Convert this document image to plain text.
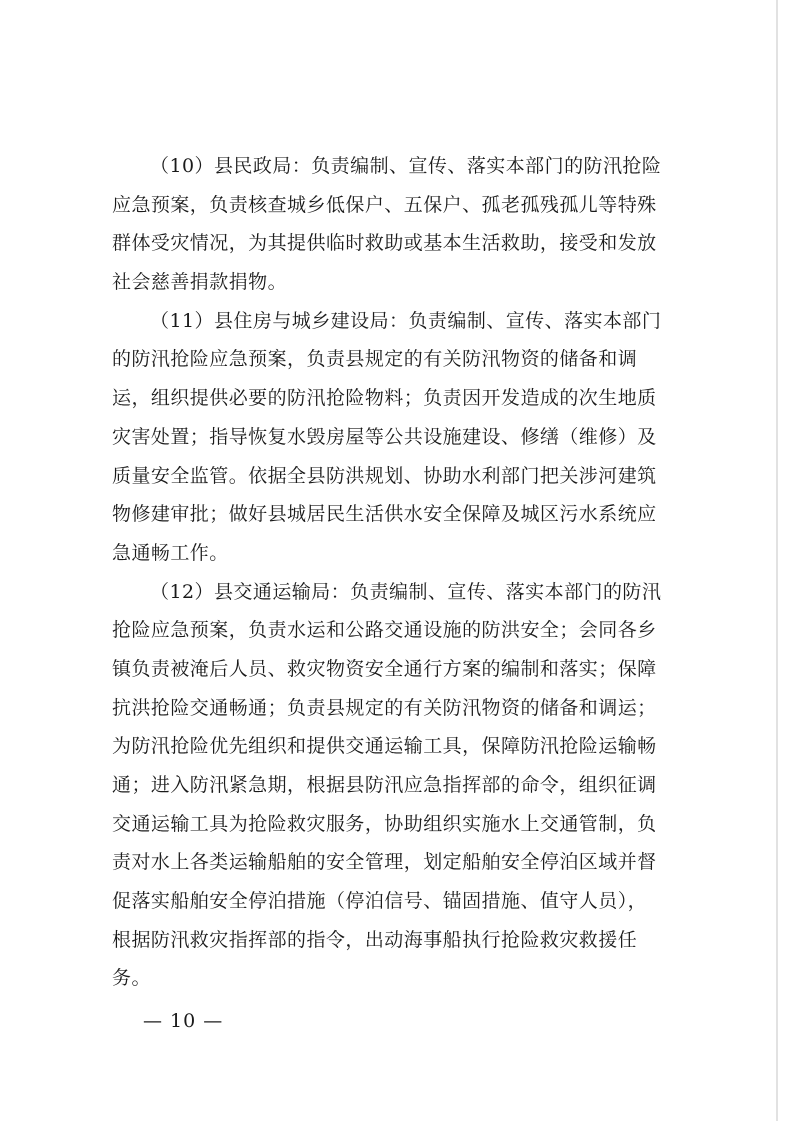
（10）县民政局：负责编制、宣传、落实本部门的防汛抢险
应急预案，负责核查城乡低保户、五保户、孤老孤残孤儿等特殊
群体受灾情况，为其提供临时救助或基本生活救助，接受和发放
社会慈善捐款捐物。
（11）县住房与城乡建设局：负责编制、宣传、落实本部门
的防汛抢险应急预案，负责县规定的有关防汛物资的储备和调
运，组织提供必要的防汛抢险物料；负责因开发造成的次生地质
灾害处置；指导恢复水毁房屋等公共设施建设、修缮（维修）及
质量安全监管。依据全县防洪规划、协助水利部门把关涉河建筑
物修建审批；做好县城居民生活供水安全保障及城区污水系统应
急通畅工作。
（12）县交通运输局：负责编制、宣传、落实本部门的防汛
抢险应急预案，负责水运和公路交通设施的防洪安全；会同各乡
镇负责被淹后人员、救灾物资安全通行方案的编制和落实；保障
抗洪抢险交通畅通；负责县规定的有关防汛物资的储备和调运；
为防汛抢险优先组织和提供交通运输工具，保障防汛抢险运输畅
通；进入防汛紧急期，根据县防汛应急指挥部的命令，组织征调
交通运输工具为抢险救灾服务，协助组织实施水上交通管制，负
责对水上各类运输船舶的安全管理，划定船舶安全停泊区域并督
促落实船舶安全停泊措施（停泊信号、锚固措施、值守人员），
根据防汛救灾指挥部的指令，出动海事船执行抢险救灾救援任
务。
— 10 —
